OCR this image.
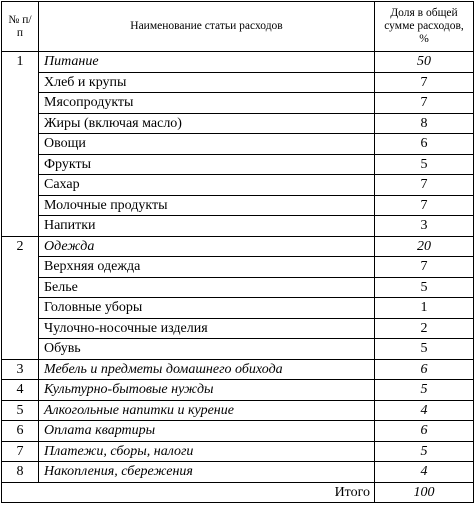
№ п/п	Наименование статьи расходов	Доля в общей сумме расходов, %
1	Питание	50
	Хлеб и крупы	7
	Мясопродукты	7
	Жиры (включая масло)	8
	Овощи	6
	Фрукты	5
	Сахар	7
	Молочные продукты	7
	Напитки	3
2	Одежда	20
	Верхняя одежда	7
	Белье	5
	Головные уборы	1
	Чулочно-носочные изделия	2
	Обувь	5
3	Мебель и предметы домашнего обихода	6
4	Культурно-бытовые нужды	5
5	Алкогольные напитки и курение	4
6	Оплата квартиры	6
7	Платежи, сборы, налоги	5
8	Накопления, сбережения	4
Итого		100
